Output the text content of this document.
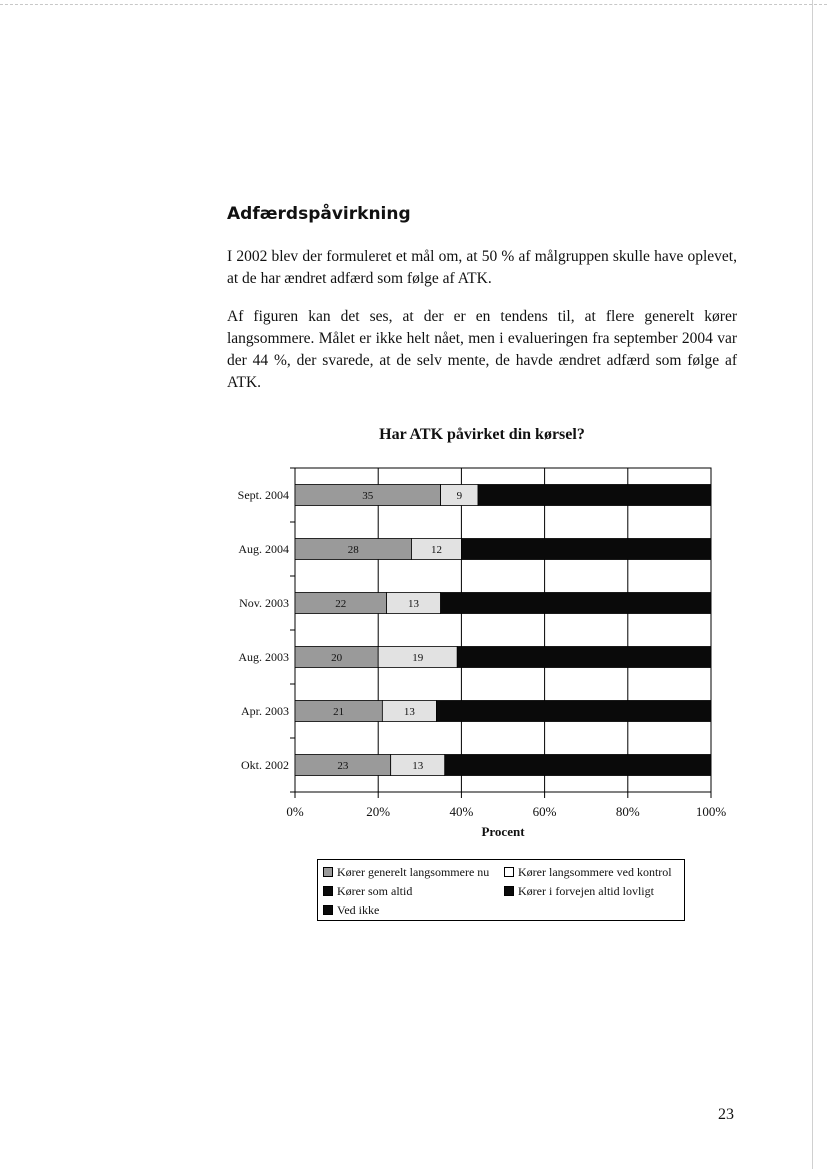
Adfærdspåvirkning

I 2002 blev der formuleret et mål om, at 50 % af målgruppen skulle have oplevet, at de har ændret adfærd som følge af ATK.

Af figuren kan det ses, at der er en tendens til, at flere generelt kører langsommere. Målet er ikke helt nået, men i evalueringen fra september 2004 var der 44 %, der svarede, at de selv mente, de havde ændret adfærd som følge af ATK.

Har ATK påvirket din kørsel?
35	9
Sept. 2004
28	12
Aug. 2004
22	13
Nov. 2003
20	19
Aug. 2003
21	13
Apr. 2003
23	13
Okt. 2002
0%	20%	40%	60%	80%	100%
Procent
Kører generelt langsommere nu	Kører langsommere ved kontrol
Kører som altid	Kører i forvejen altid lovligt
Ved ikke
23
